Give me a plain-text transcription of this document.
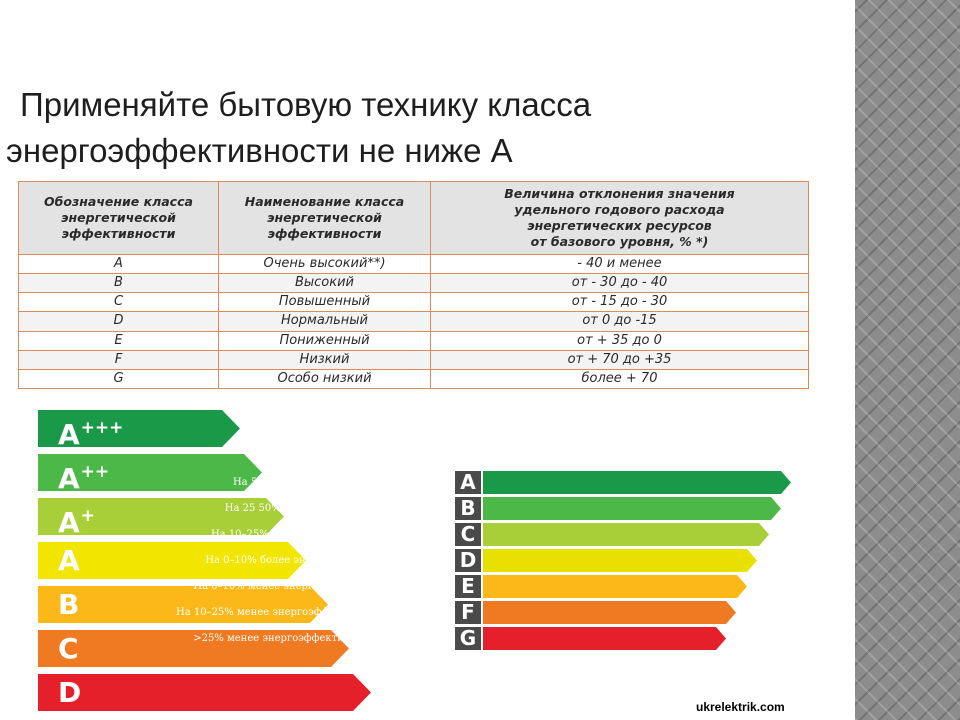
Применяйте бытовую технику класса
энергоэффективности не ниже А
Обозначение класса
энергетической
эффективности	Наименование класса
энергетической
эффективности	Величина отклонения значения
удельного годового расхода
энергетических ресурсов
от базового уровня, % *)
A	Очень высокий**)	- 40 и менее
B	Высокий	от - 30 до - 40
C	Повышенный	от - 15 до - 30
D	Нормальный	от 0 до -15
E	Пониженный	от + 35 до 0
F	Низкий	от + 70 до +35
G	Особо низкий	более + 70
A+++
A++
A+
A
B
C
D
A
На 50–80% более энергоэффективные
B
На 25 50% более энергоэффективные
C
На 10–25% более энергоэффективные
D
На 0–10% более энергоэффективные
E
На 0–10% менее энергоэффективные
F
На 10–25% менее энергоэффективные
G
>25% менее энергоэффективные
ukrelektrik.com
